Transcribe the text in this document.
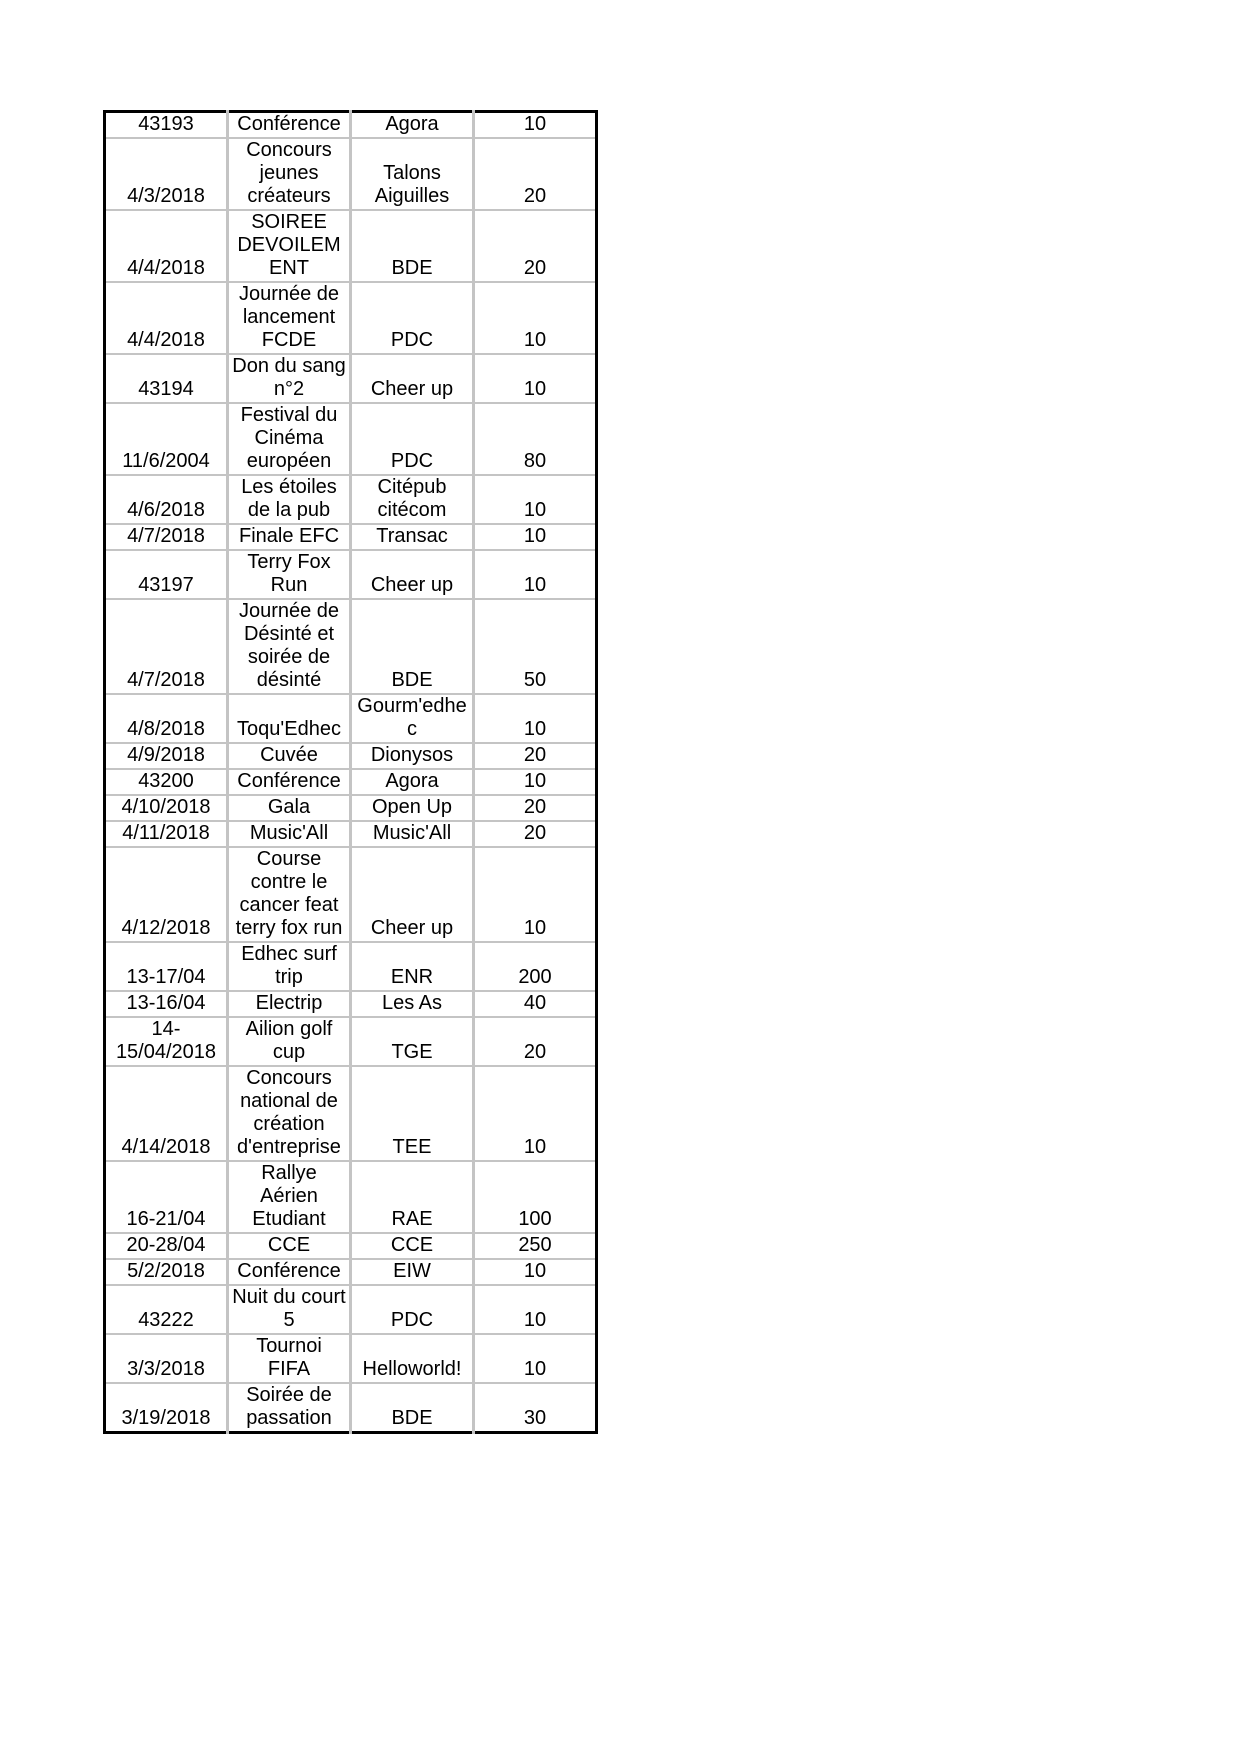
43193	Conférence	Agora	10
4/3/2018	Concours
jeunes
créateurs	Talons
Aiguilles	20
4/4/2018	SOIREE
DEVOILEM
ENT	BDE	20
4/4/2018	Journée de
lancement
FCDE	PDC	10
43194	Don du sang
n°2	Cheer up	10
11/6/2004	Festival du
Cinéma
européen	PDC	80
4/6/2018	Les étoiles
de la pub	Citépub
citécom	10
4/7/2018	Finale EFC	Transac	10
43197	Terry Fox
Run	Cheer up	10
4/7/2018	Journée de
Désinté et
soirée de
désinté	BDE	50
4/8/2018	Toqu'Edhec	Gourm'edhe
c	10
4/9/2018	Cuvée	Dionysos	20
43200	Conférence	Agora	10
4/10/2018	Gala	Open Up	20
4/11/2018	Music'All	Music'All	20
4/12/2018	Course
contre le
cancer feat
terry fox run	Cheer up	10
13-17/04	Edhec surf
trip	ENR	200
13-16/04	Electrip	Les As	40
14-
15/04/2018	Ailion golf
cup	TGE	20
4/14/2018	Concours
national de
création
d'entreprise	TEE	10
16-21/04	Rallye
Aérien
Etudiant	RAE	100
20-28/04	CCE	CCE	250
5/2/2018	Conférence	EIW	10
43222	Nuit du court
5	PDC	10
3/3/2018	Tournoi
FIFA	Helloworld!	10
3/19/2018	Soirée de
passation	BDE	30
